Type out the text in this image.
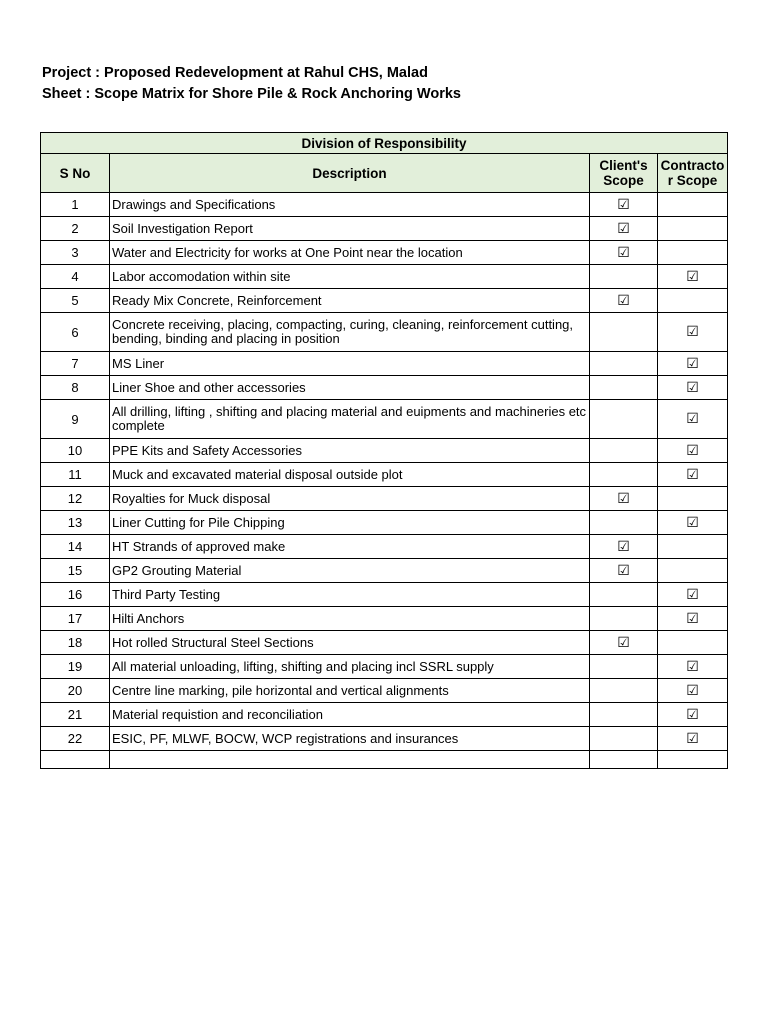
Project : Proposed Redevelopment at Rahul CHS, Malad
Sheet : Scope Matrix for Shore Pile & Rock Anchoring Works
Division of Responsibility			
S No	Description	Client's Scope	Contractor Scope
1	Drawings and Specifications	☑	
2	Soil Investigation Report	☑	
3	Water and Electricity for works at One Point near the location	☑	
4	Labor accomodation within site		☑
5	Ready Mix Concrete, Reinforcement	☑	
6	Concrete receiving, placing, compacting, curing, cleaning, reinforcement cutting, bending, binding and placing in position		☑
7	MS Liner		☑
8	Liner Shoe and other accessories		☑
9	All drilling, lifting , shifting and placing material and euipments and machineries etc complete		☑
10	PPE Kits and Safety Accessories		☑
11	Muck and excavated material disposal outside plot		☑
12	Royalties for Muck disposal	☑	
13	Liner Cutting for Pile Chipping		☑
14	HT Strands of approved make	☑	
15	GP2 Grouting Material	☑	
16	Third Party Testing		☑
17	Hilti Anchors		☑
18	Hot rolled Structural Steel Sections	☑	
19	All material unloading, lifting, shifting and placing incl SSRL supply		☑
20	Centre line marking, pile horizontal and vertical alignments		☑
21	Material requistion and reconciliation		☑
22	ESIC, PF, MLWF, BOCW, WCP registrations and insurances		☑
